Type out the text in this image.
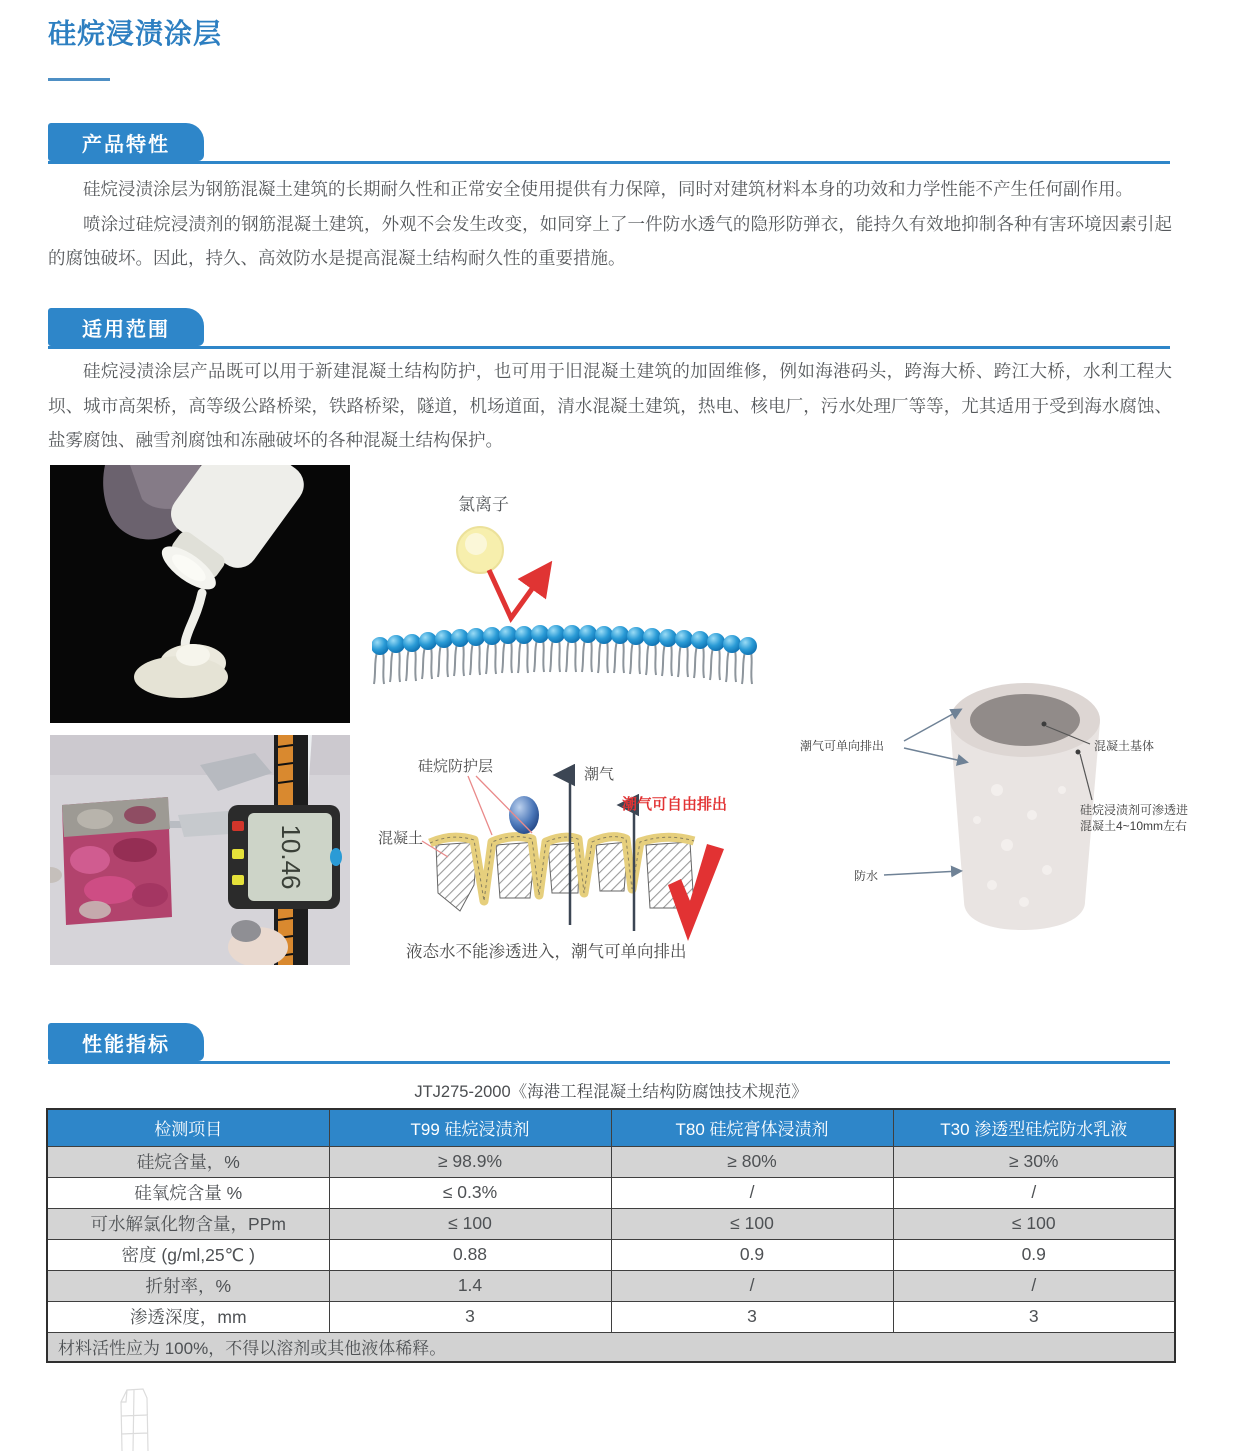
硅烷浸渍涂层
产品特性

硅烷浸渍涂层为钢筋混凝土建筑的长期耐久性和正常安全使用提供有力保障，同时对建筑材料本身的功效和力学性能不产生任何副作用。

喷涂过硅烷浸渍剂的钢筋混凝土建筑，外观不会发生改变，如同穿上了一件防水透气的隐形防弹衣，能持久有效地抑制各种有害环境因素引起的腐蚀破坏。因此，持久、高效防水是提高混凝土结构耐久性的重要措施。

适用范围

硅烷浸渍涂层产品既可以用于新建混凝土结构防护，也可用于旧混凝土建筑的加固维修，例如海港码头，跨海大桥、跨江大桥，水利工程大坝、城市高架桥，高等级公路桥梁，铁路桥梁，隧道，机场道面，清水混凝土建筑，热电、核电厂，污水处理厂等等，尤其适用于受到海水腐蚀、盐雾腐蚀、融雪剂腐蚀和冻融破坏的各种混凝土结构保护。

氯离子
潮气可单向排出	混凝土基体
硅烷浸渍剂可渗透进
混凝土4~10mm左右
防水
10.46
硅烷防护层
混凝土
潮气
潮气可自由排出
液态水不能渗透进入，潮气可单向排出
性能指标
JTJ275-2000《海港工程混凝土结构防腐蚀技术规范》
检测项目	T99 硅烷浸渍剂	T80 硅烷膏体浸渍剂	T30 渗透型硅烷防水乳液
硅烷含量，%	≥ 98.9%	≥ 80%	≥ 30%
硅氧烷含量 %	≤ 0.3%	/	/
可水解氯化物含量，PPm	≤ 100	≤ 100	≤ 100
密度 (g/ml,25℃ )	0.88	0.9	0.9
折射率，%	1.4	/	/
渗透深度，mm	3	3	3
材料活性应为 100%，不得以溶剂或其他液体稀释。			
